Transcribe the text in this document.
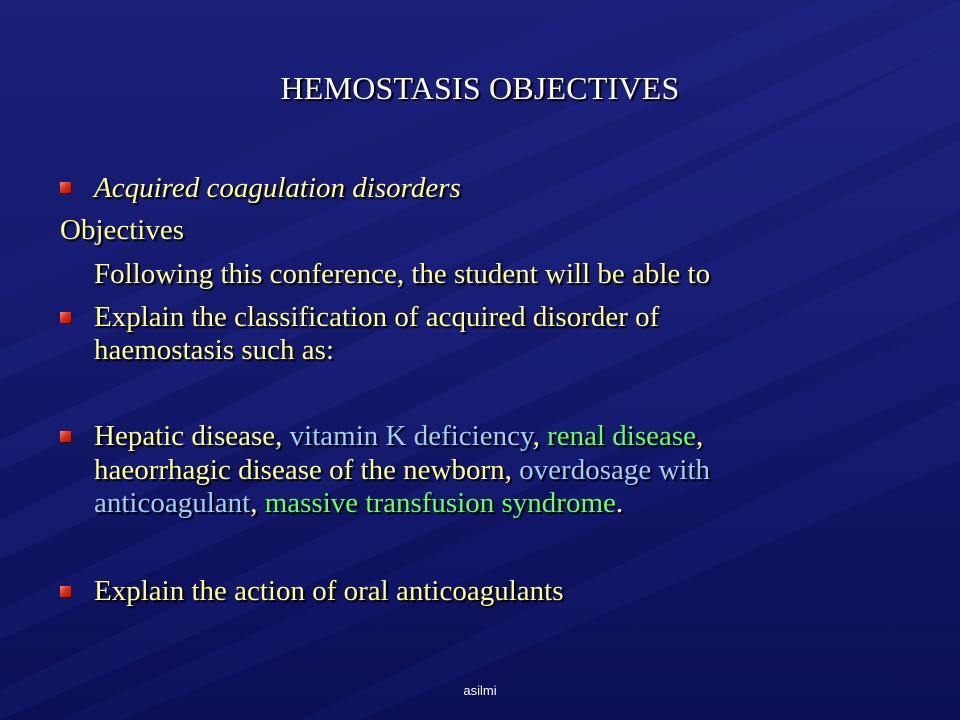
HEMOSTASIS OBJECTIVES
Acquired coagulation disorders
Objectives
Following this conference, the student will be able to
Explain the classification of acquired disorder of
haemostasis such as:
Hepatic disease, vitamin K deficiency, renal disease,
haeorrhagic disease of the newborn, overdosage with
anticoagulant, massive transfusion syndrome.
Explain the action of oral anticoagulants
asilmi
